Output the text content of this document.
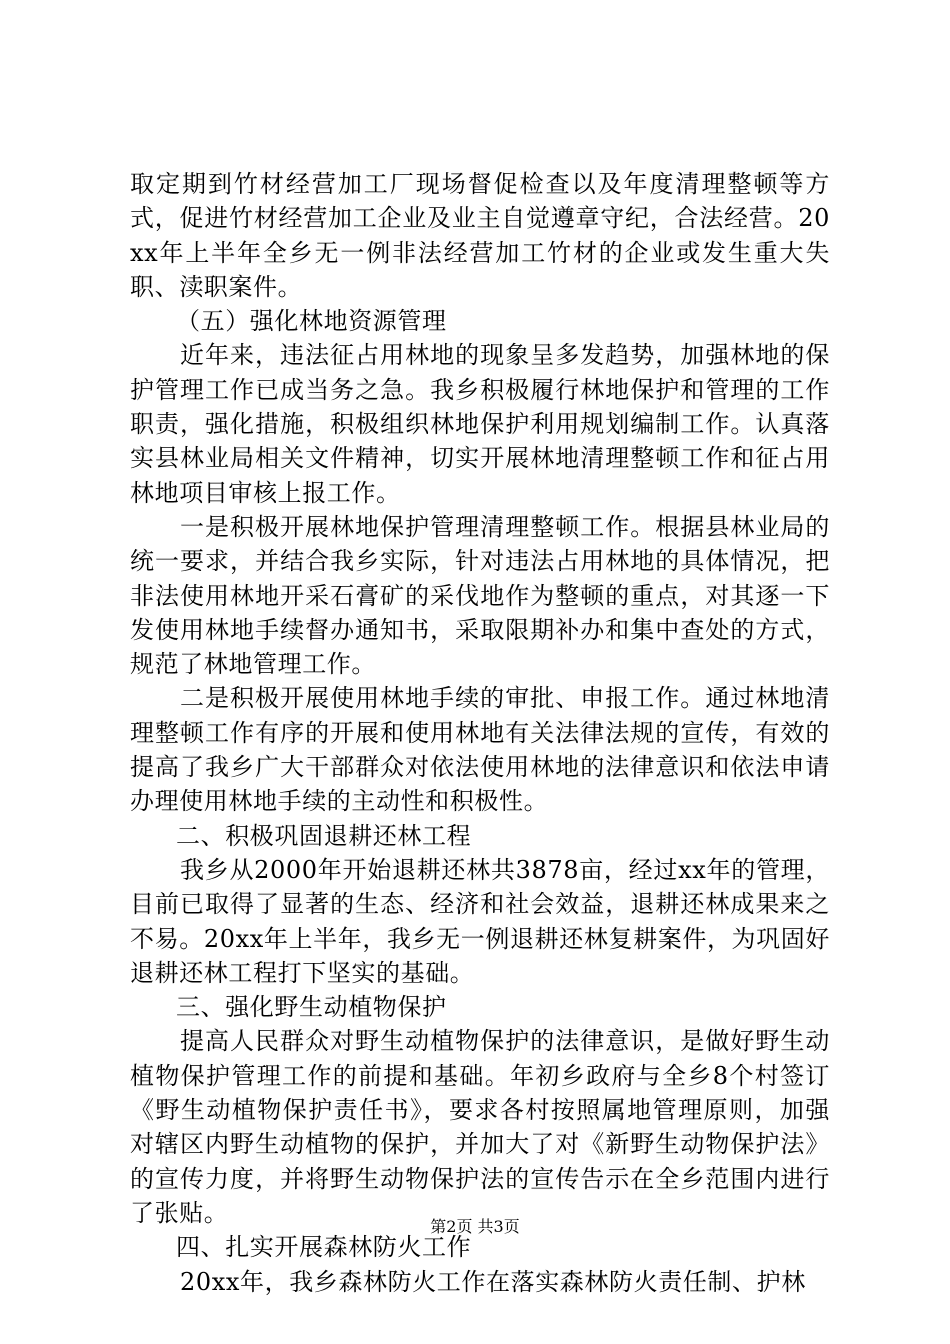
取定期到竹材经营加工厂现场督促检查以及年度清理整顿等方式，促进竹材经营加工企业及业主自觉遵章守纪，合法经营。20xx年上半年全乡无一例非法经营加工竹材的企业或发生重大失职、渎职案件。

（五）强化林地资源管理

近年来，违法征占用林地的现象呈多发趋势，加强林地的保护管理工作已成当务之急。我乡积极履行林地保护和管理的工作职责，强化措施，积极组织林地保护利用规划编制工作。认真落实县林业局相关文件精神，切实开展林地清理整顿工作和征占用林地项目审核上报工作。

一是积极开展林地保护管理清理整顿工作。根据县林业局的统一要求，并结合我乡实际，针对违法占用林地的具体情况，把非法使用林地开采石膏矿的采伐地作为整顿的重点，对其逐一下发使用林地手续督办通知书，采取限期补办和集中查处的方式，规范了林地管理工作。

二是积极开展使用林地手续的审批、申报工作。通过林地清理整顿工作有序的开展和使用林地有关法律法规的宣传，有效的提高了我乡广大干部群众对依法使用林地的法律意识和依法申请办理使用林地手续的主动性和积极性。

二、积极巩固退耕还林工程

我乡从2000年开始退耕还林共3878亩，经过xx年的管理，目前已取得了显著的生态、经济和社会效益，退耕还林成果来之不易。20xx年上半年，我乡无一例退耕还林复耕案件，为巩固好退耕还林工程打下坚实的基础。

三、强化野生动植物保护

提高人民群众对野生动植物保护的法律意识，是做好野生动植物保护管理工作的前提和基础。年初乡政府与全乡8个村签订《野生动植物保护责任书》，要求各村按照属地管理原则，加强对辖区内野生动植物的保护，并加大了对《新野生动物保护法》的宣传力度，并将野生动物保护法的宣传告示在全乡范围内进行了张贴。

四、扎实开展森林防火工作

20xx年，我乡森林防火工作在落实森林防火责任制、护林

第2页 共3页
